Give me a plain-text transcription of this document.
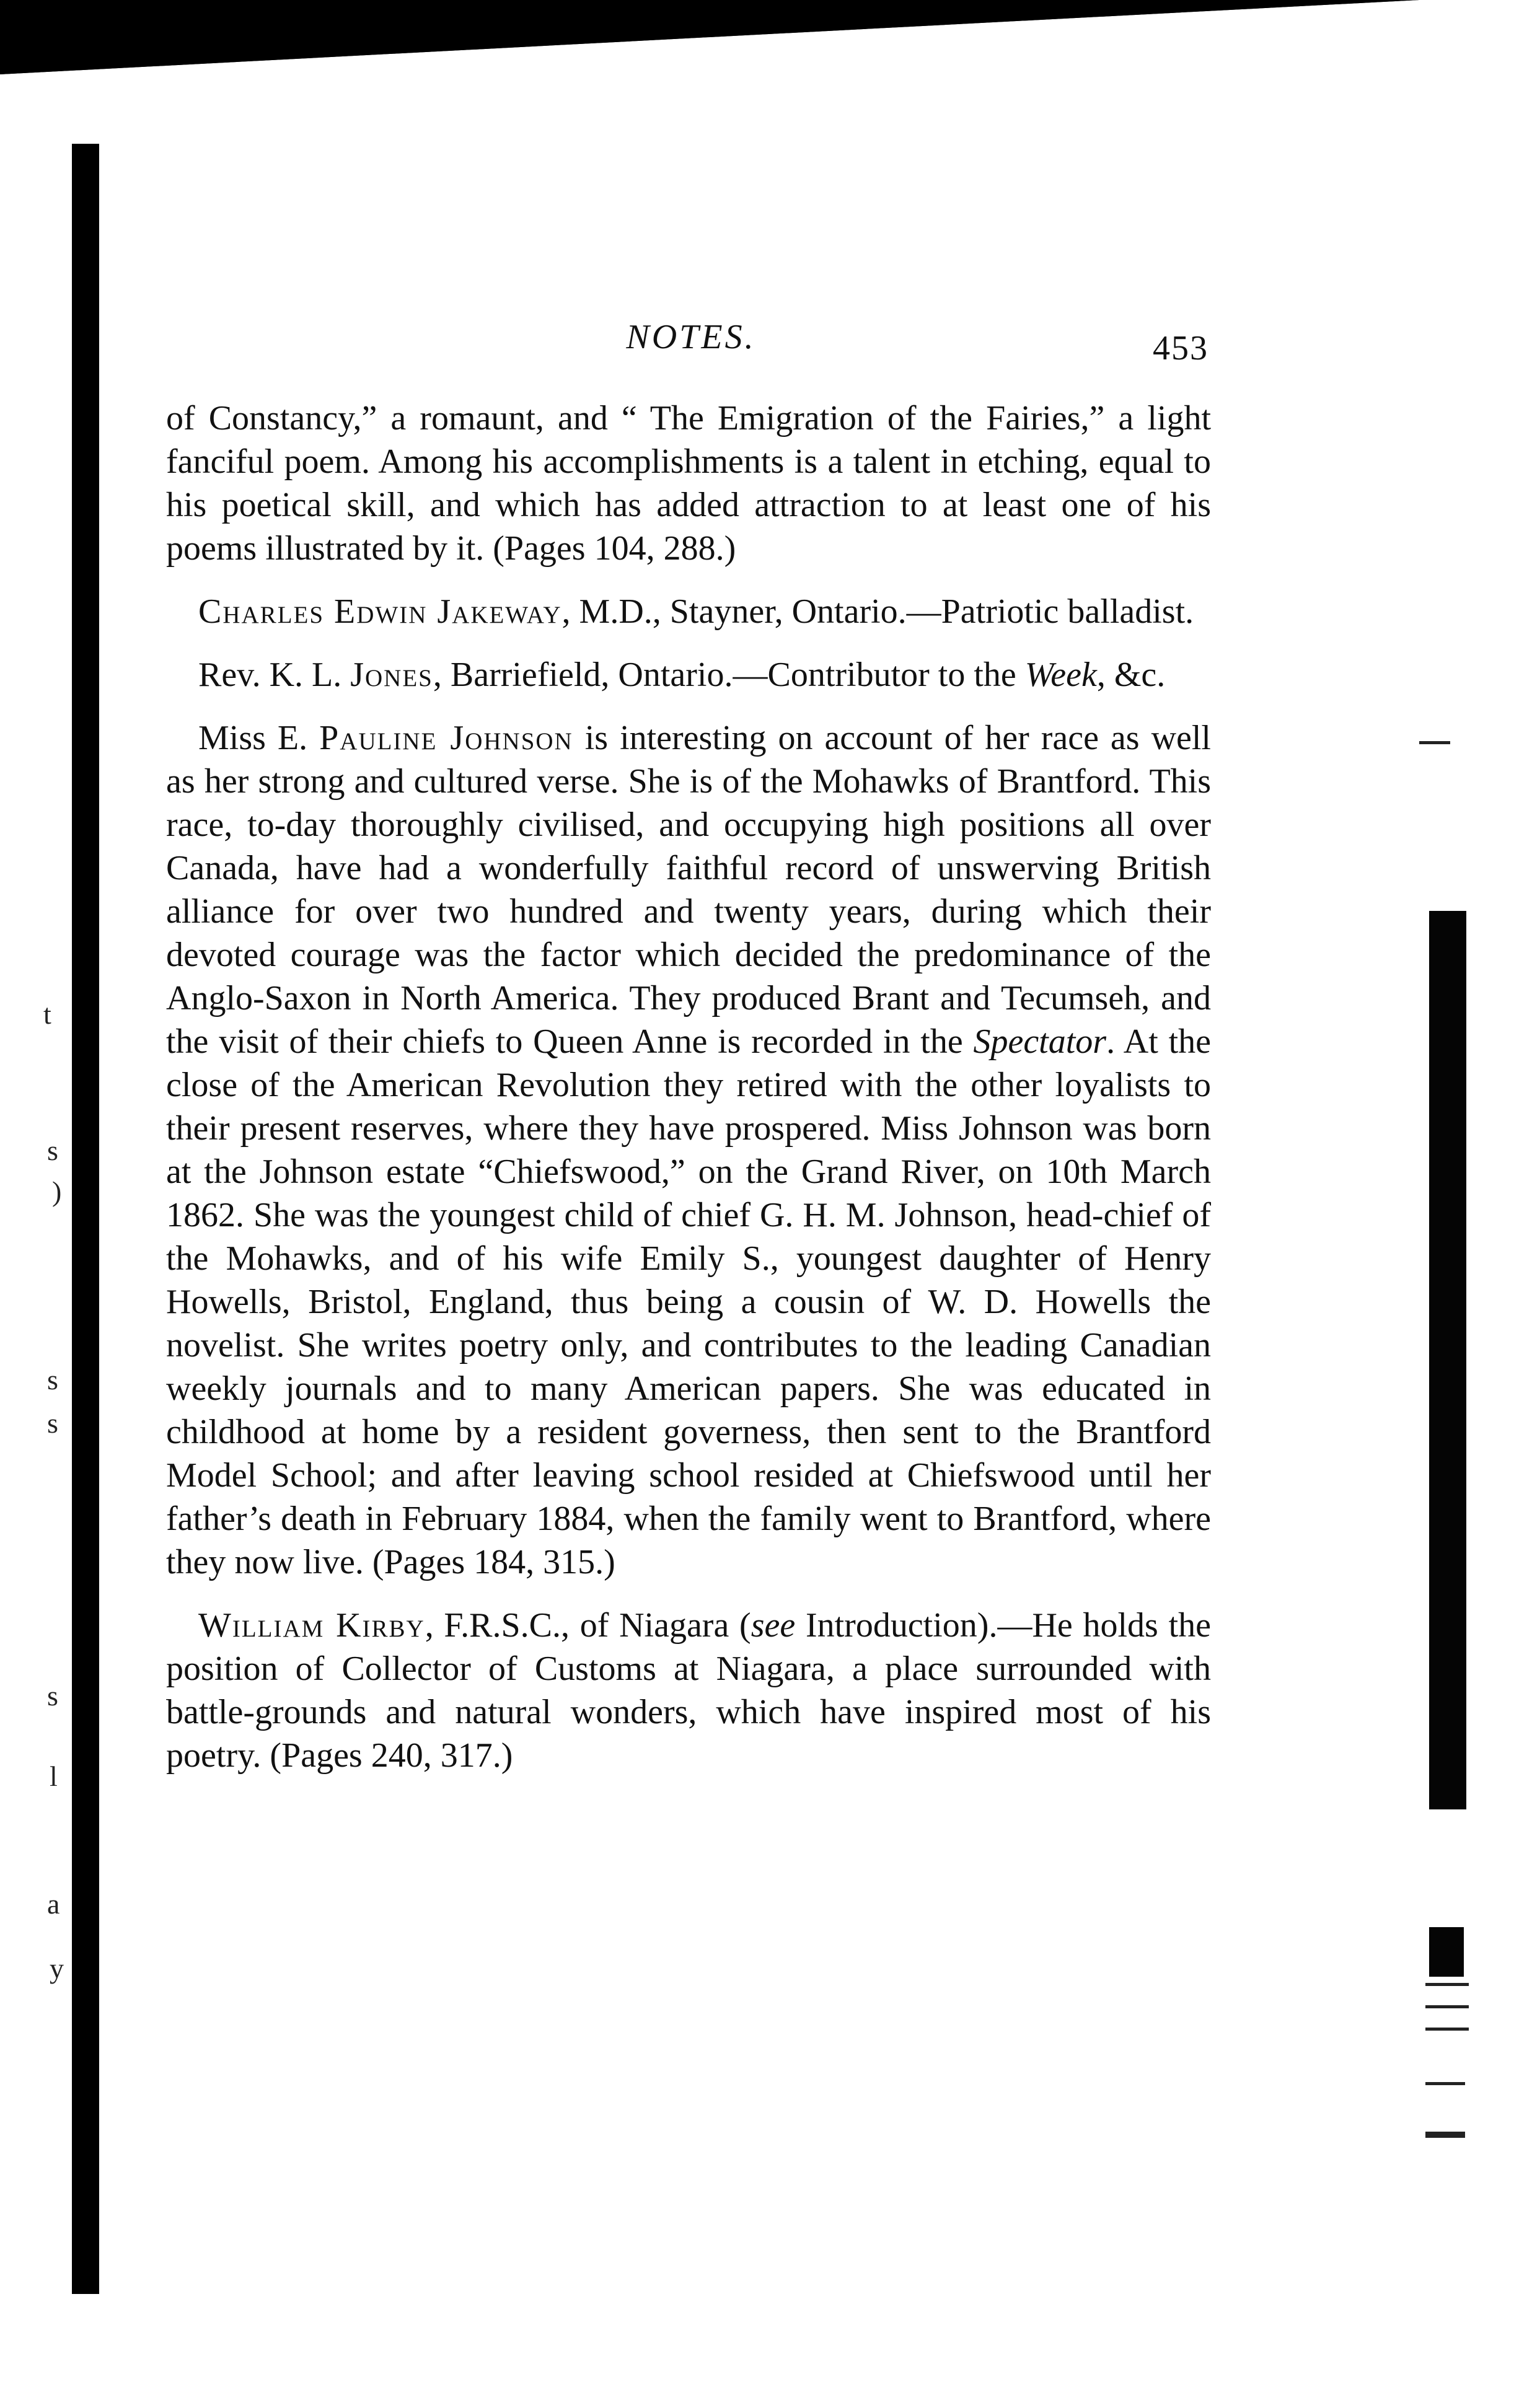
t
s
)
s
s
a
s
l
y
NOTES.	453

of Constancy,” a romaunt, and “ The Emigration of the Fairies,” a light fanciful poem. Among his accomplishments is a talent in etching, equal to his poetical skill, and which has added attraction to at least one of his poems illustrated by it. (Pages 104, 288.)

Charles Edwin Jakeway, M.D., Stayner, Ontario.—Patriotic balladist.

Rev. K. L. Jones, Barriefield, Ontario.—Contributor to the Week, &c.

Miss E. Pauline Johnson is interesting on account of her race as well as her strong and cultured verse. She is of the Mohawks of Brantford. This race, to-day thoroughly civilised, and occupying high positions all over Canada, have had a wonderfully faithful record of unswerving British alliance for over two hundred and twenty years, during which their devoted courage was the factor which decided the predominance of the Anglo-Saxon in North America. They produced Brant and Tecumseh, and the visit of their chiefs to Queen Anne is recorded in the Spectator. At the close of the American Revolution they retired with the other loyalists to their present reserves, where they have prospered. Miss Johnson was born at the Johnson estate “Chiefswood,” on the Grand River, on 10th March 1862. She was the youngest child of chief G. H. M. Johnson, head-chief of the Mohawks, and of his wife Emily S., youngest daughter of Henry Howells, Bristol, England, thus being a cousin of W. D. Howells the novelist. She writes poetry only, and contributes to the leading Canadian weekly journals and to many American papers. She was educated in childhood at home by a resident governess, then sent to the Brantford Model School; and after leaving school resided at Chiefswood until her father’s death in February 1884, when the family went to Brantford, where they now live. (Pages 184, 315.)

William Kirby, F.R.S.C., of Niagara (see Introduction).—He holds the position of Collector of Customs at Niagara, a place surrounded with battle-grounds and natural wonders, which have inspired most of his poetry. (Pages 240, 317.)
